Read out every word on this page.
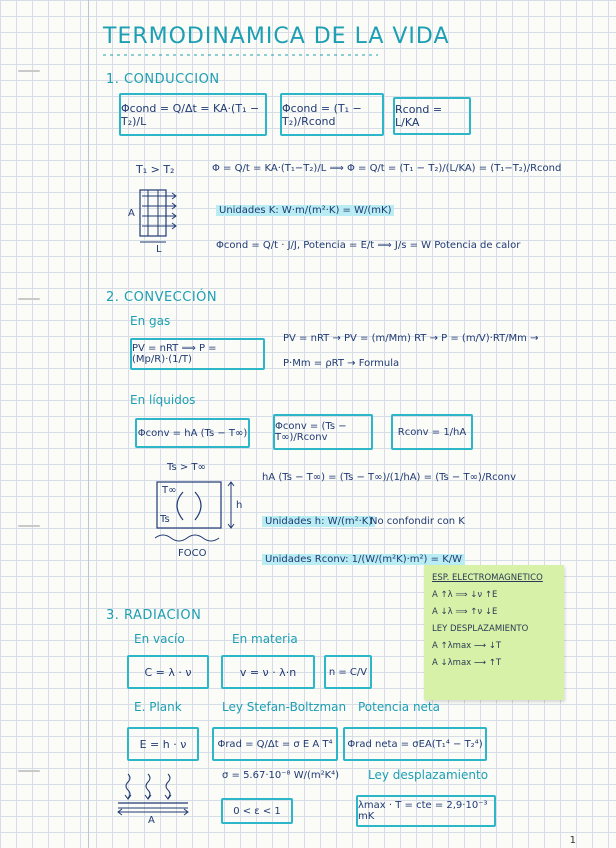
TERMODINAMICA DE LA VIDA
1. CONDUCCION
Φcond = Q/Δt = KA·(T₁ − T₂)/L
Φcond = (T₁ − T₂)/Rcond
Rcond = L/KA
T₁ > T₂	Φ = Q/t = KA·(T₁−T₂)/L ⟹ Φ = Q/t = (T₁ − T₂)/(L/KA) = (T₁−T₂)/Rcond
A
L
Unidades K: W·m/(m²·K) = W/(mK)
Φcond = Q/t · J/J, Potencia = E/t ⟹ J/s = W Potencia de calor
2. CONVECCIÓN
En gas
PV = nRT ⟹ P = (Mp/R)·(1/T)
PV = nRT → PV = (m/Mm) RT → P = (m/V)·RT/Mm →
P·Mm = ρRT → Formula
En líquidos
Φconv = hA (Ts − T∞)
Φconv = (Ts − T∞)/Rconv	Rconv = 1/hA
Ts > T∞
T∞
Ts
h
FOCO
hA (Ts − T∞) = (Ts − T∞)/(1/hA) = (Ts − T∞)/Rconv
Unidades h: W/(m²·K)
No confondir con K
Unidades Rconv: 1/(W/(m²K)·m²) = K/W
3. RADIACION
En vacío	En materia
C = λ · ν	v = ν · λ·n	n = C/V
E. Plank	Ley Stefan-Boltzman Potencia neta
E = h · ν	Φrad = Q/Δt = σ E A T⁴ Φrad neta = σEA(T₁⁴ − T₂⁴)
A
σ = 5.67·10⁻⁸ W/(m²K⁴)
0 < ε < 1
Ley desplazamiento
λmax · T = cte = 2,9·10⁻³ mK
ESP. ELECTROMAGNETICO
A ↑λ ⟹ ↓ν ↑E
A ↓λ ⟹ ↑ν ↓E
LEY DESPLAZAMIENTO
A ↑λmax ⟶ ↓T
A ↓λmax ⟶ ↑T
1
